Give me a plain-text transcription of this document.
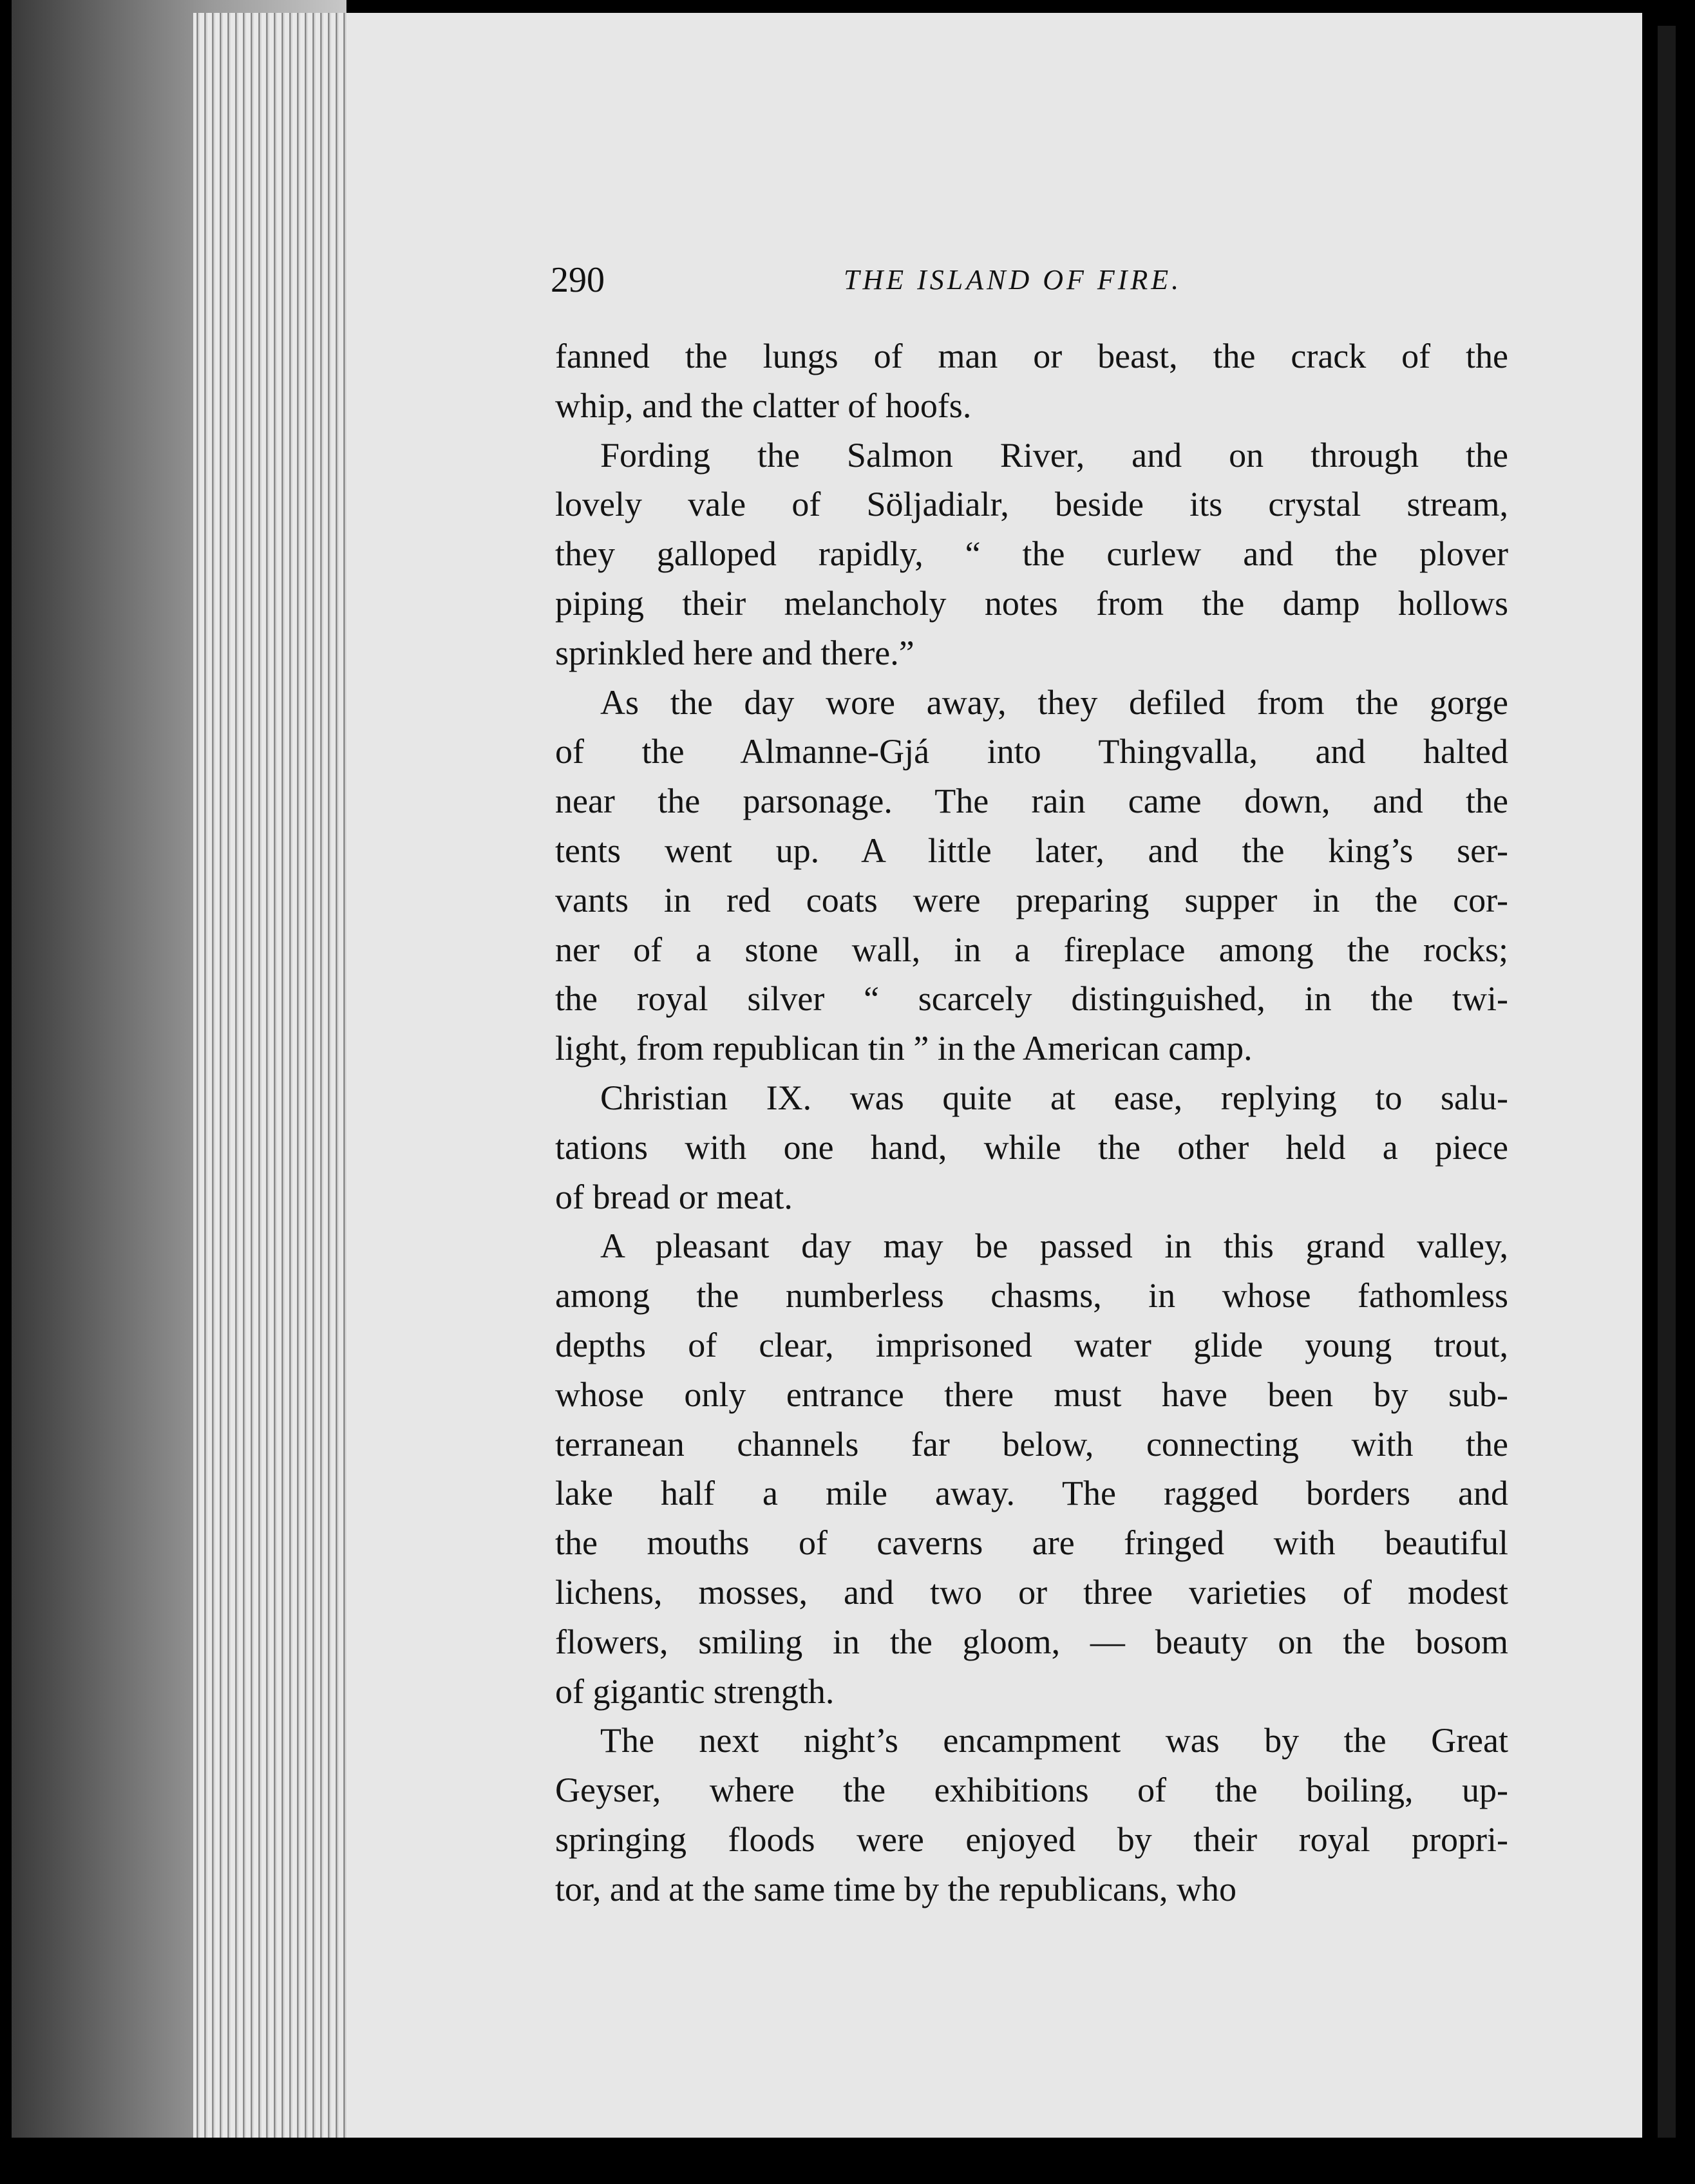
290	THE ISLAND OF FIRE.

fanned the lungs of man or beast, the crack of the
whip, and the clatter of hoofs.

Fording the Salmon River, and on through the
lovely vale of Söljadialr, beside its crystal stream,
they galloped rapidly, “ the curlew and the plover
piping their melancholy notes from the damp hollows
sprinkled here and there.”

As the day wore away, they defiled from the gorge
of the Almanne-Gjá into Thingvalla, and halted
near the parsonage. The rain came down, and the
tents went up. A little later, and the king’s ser-
vants in red coats were preparing supper in the cor-
ner of a stone wall, in a fireplace among the rocks;
the royal silver “ scarcely distinguished, in the twi-
light, from republican tin ” in the American camp.

Christian IX. was quite at ease, replying to salu-
tations with one hand, while the other held a piece
of bread or meat.

A pleasant day may be passed in this grand valley,
among the numberless chasms, in whose fathomless
depths of clear, imprisoned water glide young trout,
whose only entrance there must have been by sub-
terranean channels far below, connecting with the
lake half a mile away. The ragged borders and
the mouths of caverns are fringed with beautiful
lichens, mosses, and two or three varieties of modest
flowers, smiling in the gloom, — beauty on the bosom
of gigantic strength.

The next night’s encampment was by the Great
Geyser, where the exhibitions of the boiling, up-
springing floods were enjoyed by their royal propri-
tor, and at the same time by the republicans, who
